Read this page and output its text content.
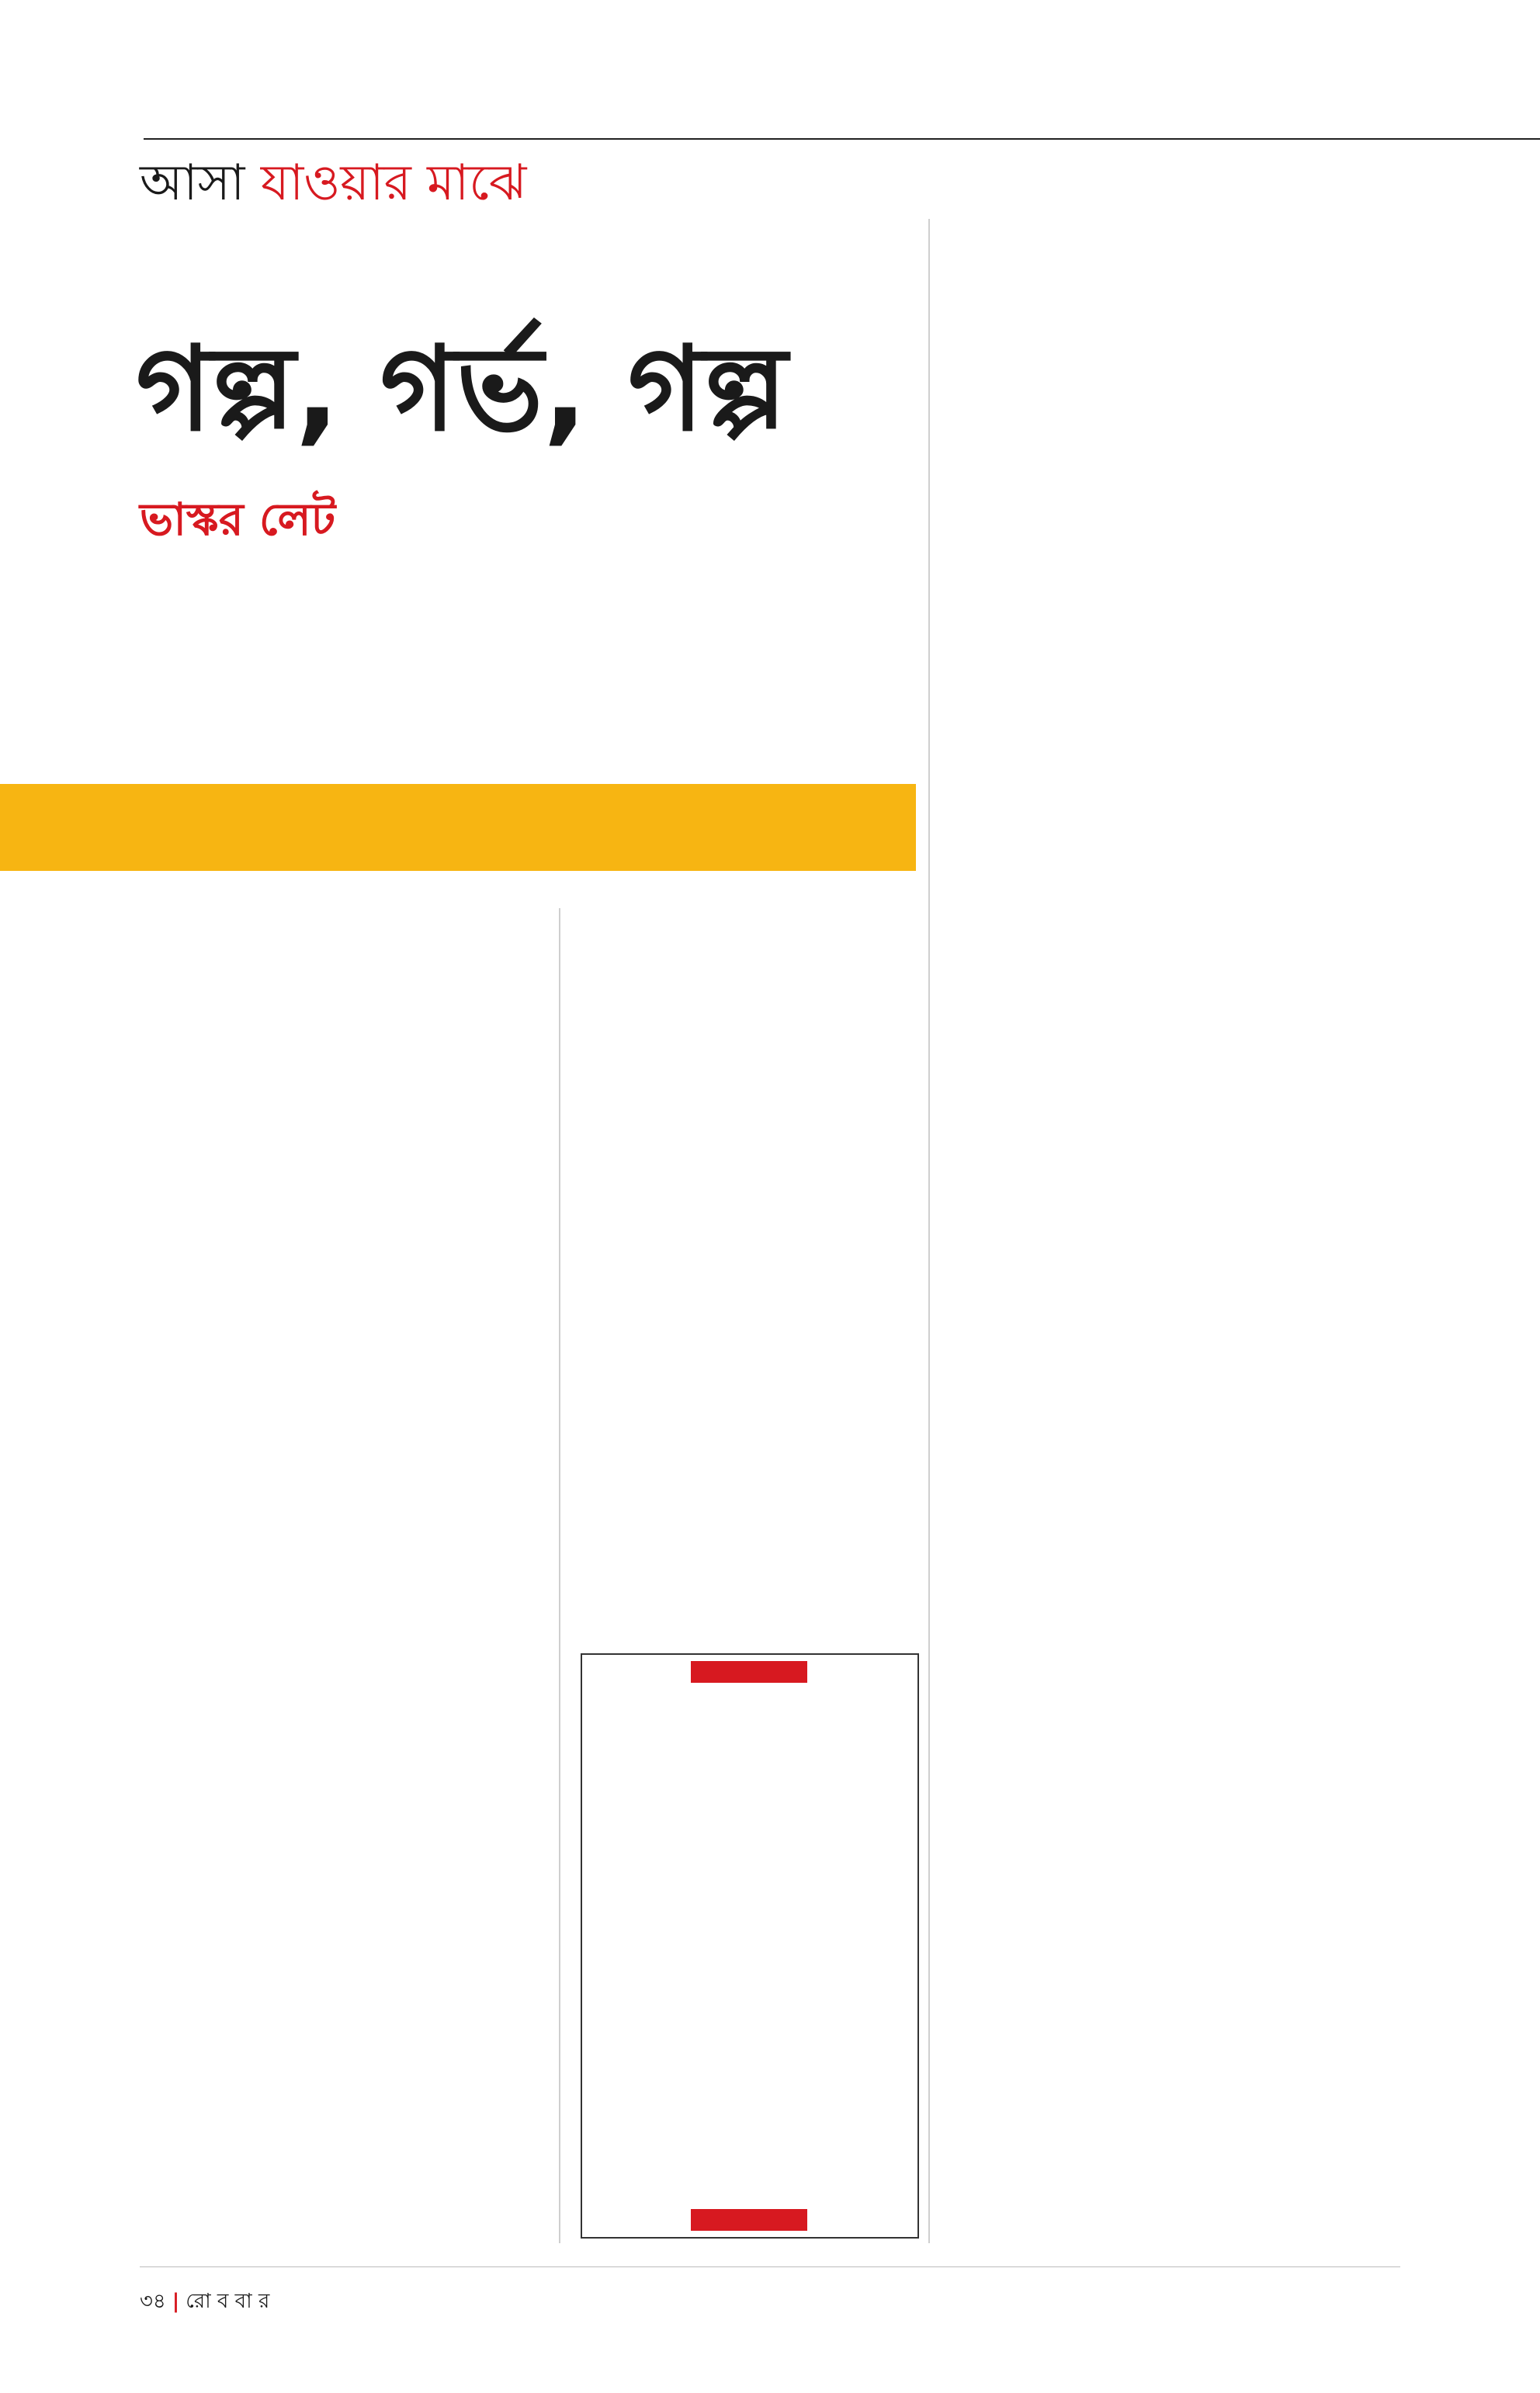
আসা যাওয়ার মাঝে
গল্প, গর্ভ, গল্প
ভাস্কর লেট

৩৪ | রো ব বা র
